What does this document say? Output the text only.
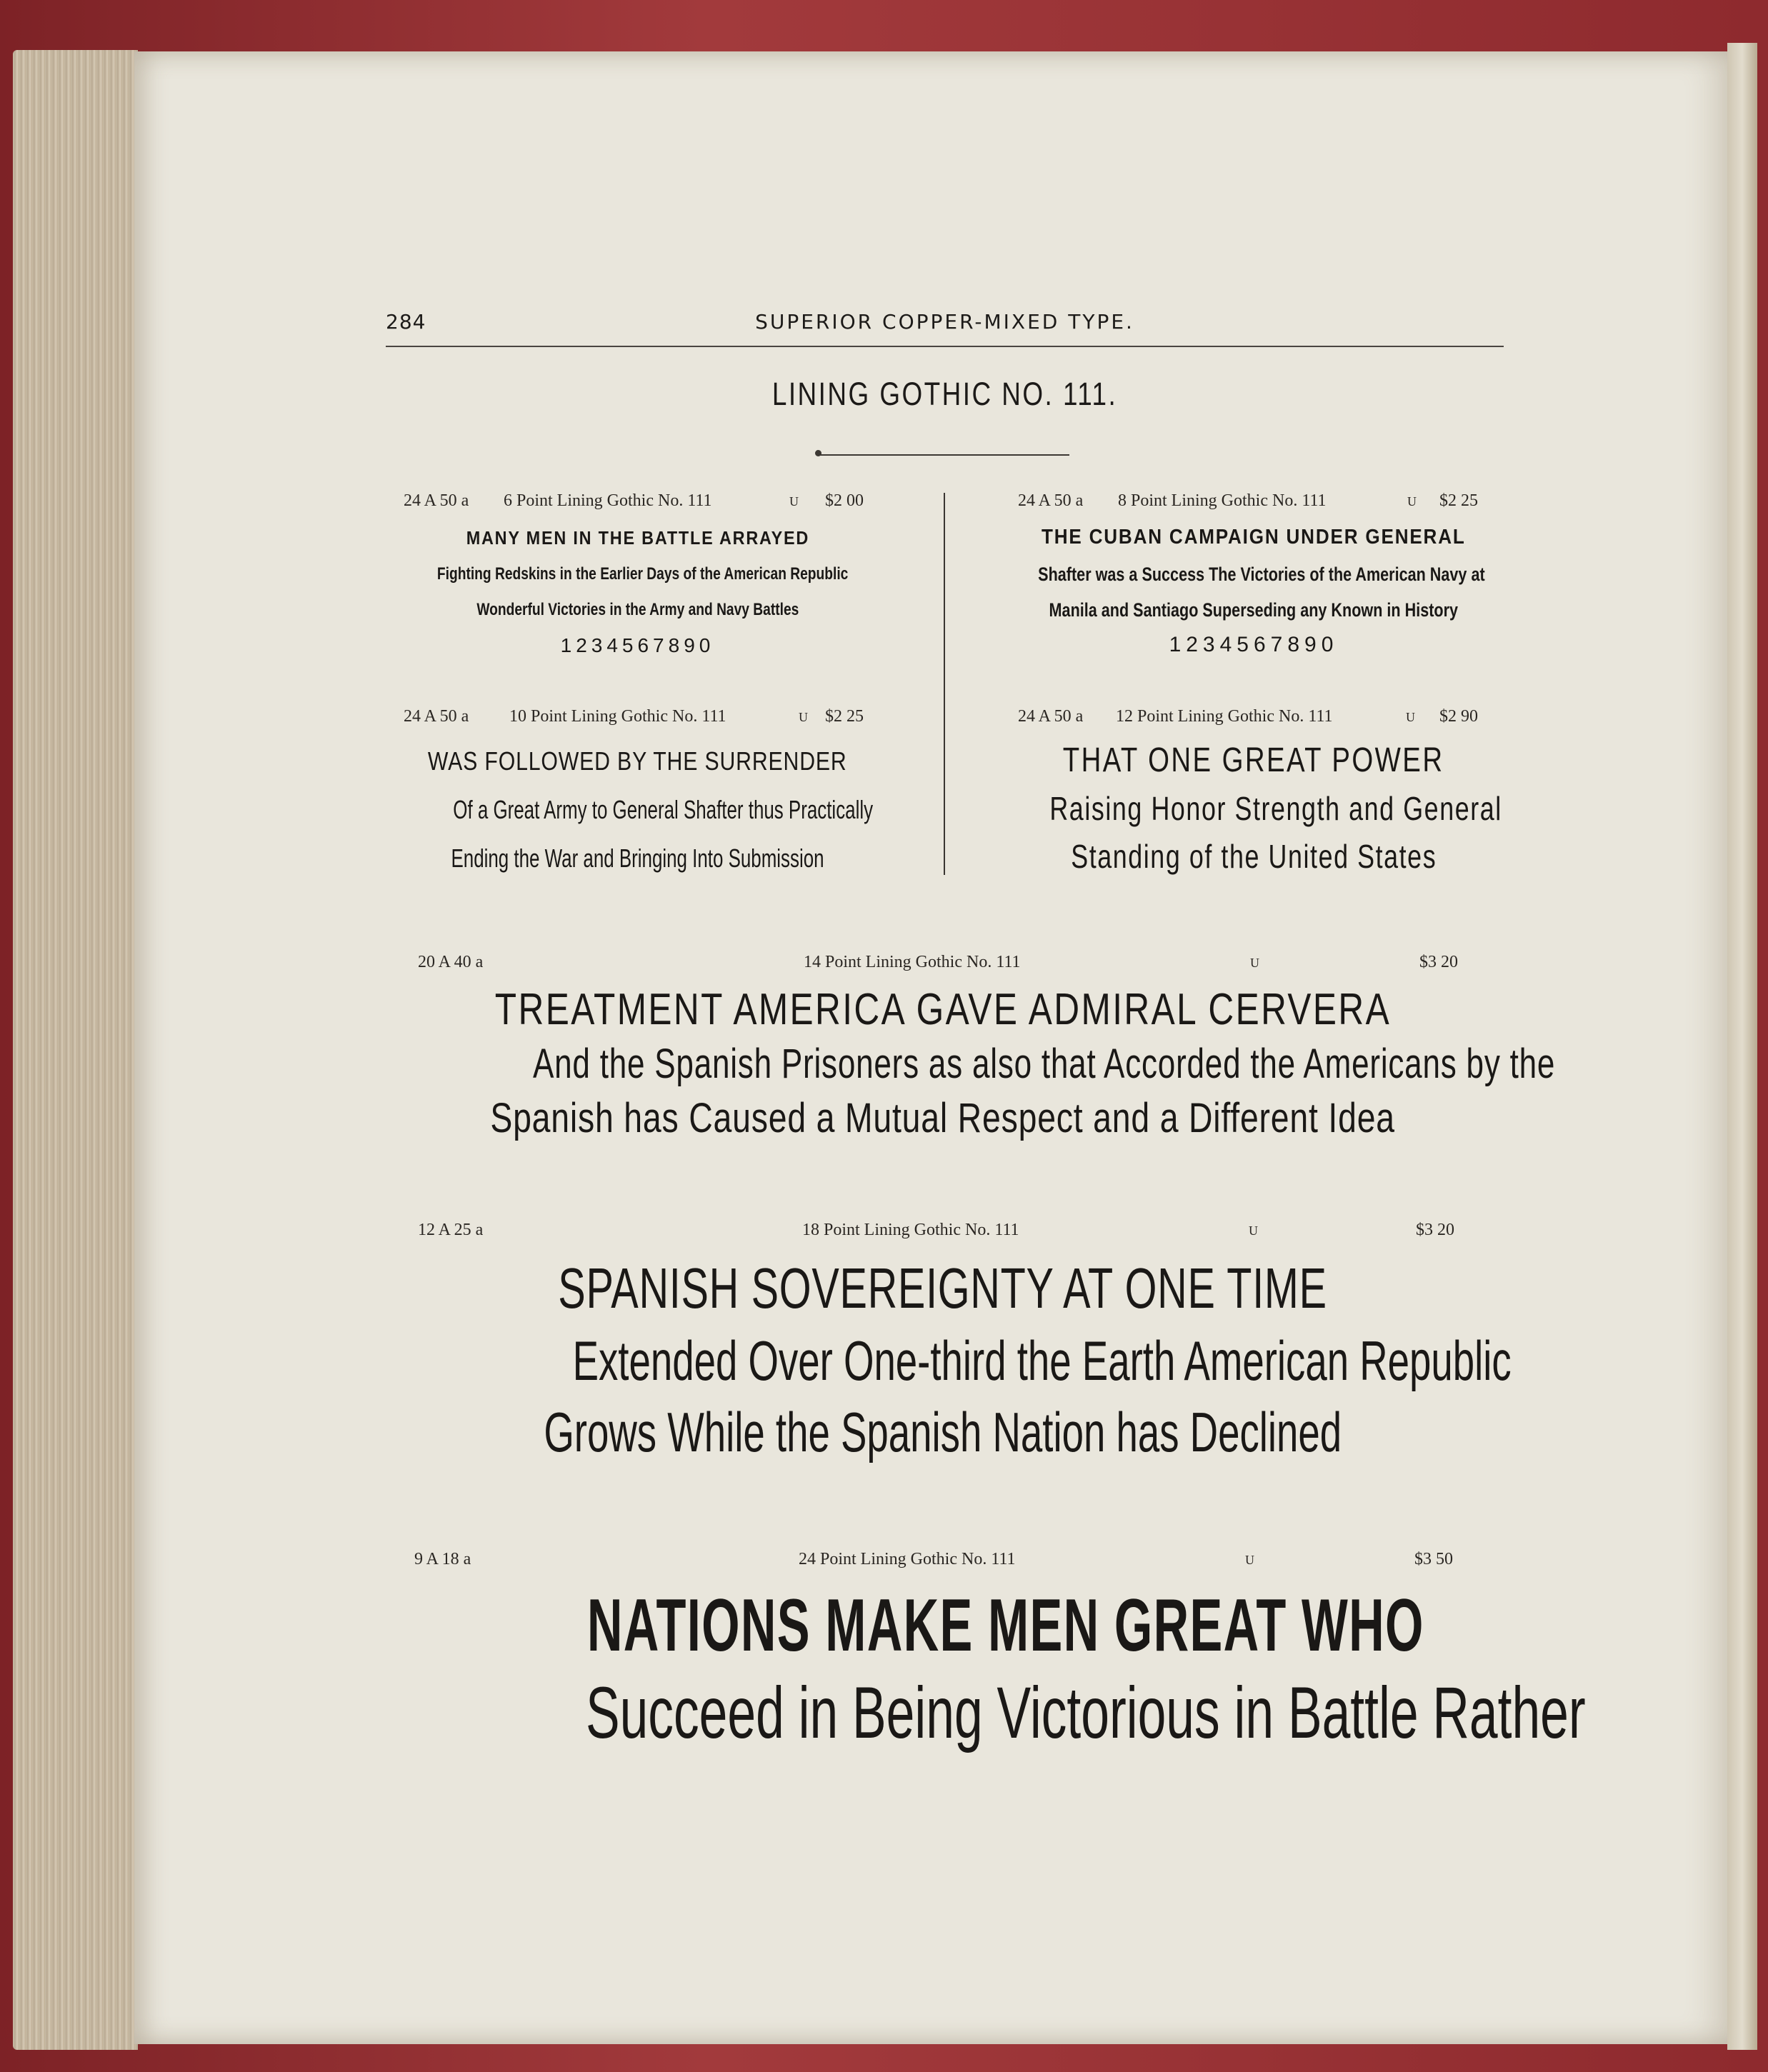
284	SUPERIOR COPPER-MIXED TYPE.
LINING GOTHIC NO. 111.
24 A 50 a 6 Point Lining Gothic No. 111	U $2 00
MANY MEN IN THE BATTLE ARRAYED
Fighting Redskins in the Earlier Days of the American Republic
Wonderful Victories in the Army and Navy Battles
1234567890
24 A 50 a 8 Point Lining Gothic No. 111	U $2 25
THE CUBAN CAMPAIGN UNDER GENERAL
Shafter was a Success The Victories of the American Navy at
Manila and Santiago Superseding any Known in History
1234567890
24 A 50 a 10 Point Lining Gothic No. 111	U $2 25
WAS FOLLOWED BY THE SURRENDER
Of a Great Army to General Shafter thus Practically
Ending the War and Bringing Into Submission
24 A 50 a 12 Point Lining Gothic No. 111	U $2 90
THAT ONE GREAT POWER
Raising Honor Strength and General
Standing of the United States
20 A 40 a	14 Point Lining Gothic No. 111	U	$3 20
TREATMENT AMERICA GAVE ADMIRAL CERVERA
And the Spanish Prisoners as also that Accorded the Americans by the
Spanish has Caused a Mutual Respect and a Different Idea
12 A 25 a	18 Point Lining Gothic No. 111	U	$3 20
SPANISH SOVEREIGNTY AT ONE TIME
Extended Over One-third the Earth American Republic
Grows While the Spanish Nation has Declined
9 A 18 a	24 Point Lining Gothic No. 111	U	$3 50
NATIONS MAKE MEN GREAT WHO
Succeed in Being Victorious in Battle Rather
